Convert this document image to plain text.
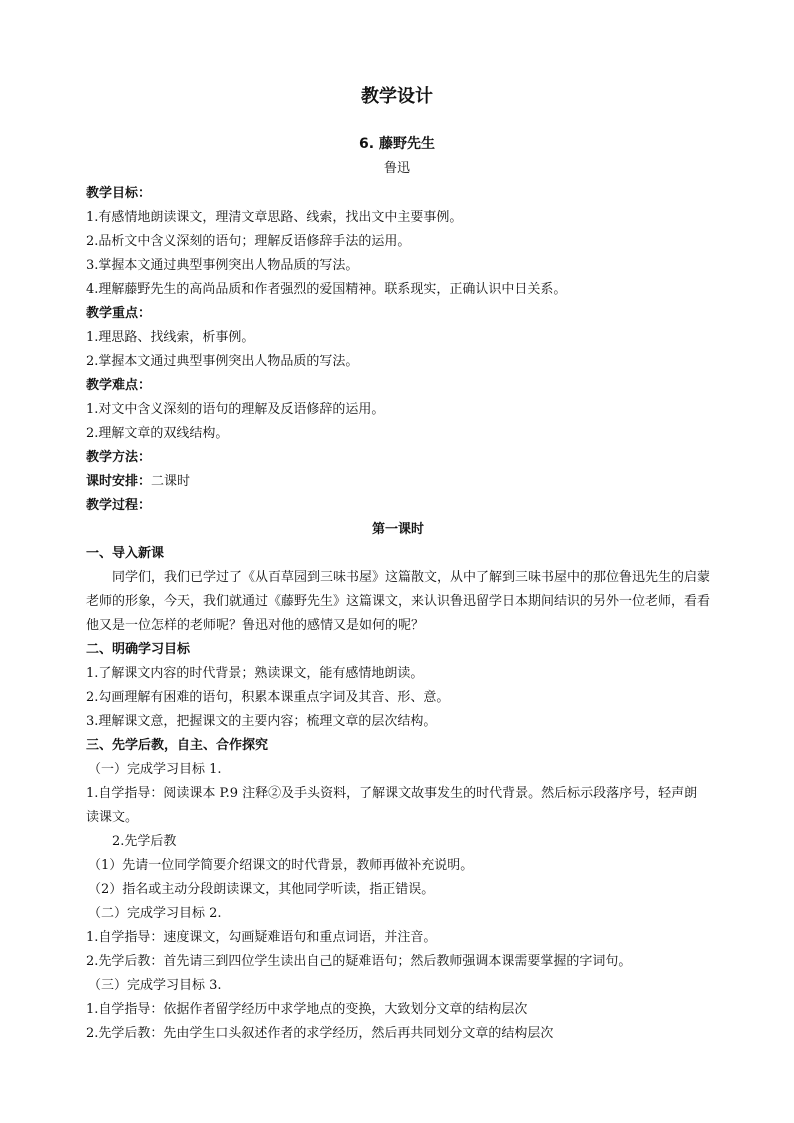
教学设计
6. 藤野先生
鲁迅

教学目标：

1.有感情地朗读课文，理清文章思路、线索，找出文中主要事例。

2.品析文中含义深刻的语句；理解反语修辞手法的运用。

3.掌握本文通过典型事例突出人物品质的写法。

4.理解藤野先生的高尚品质和作者强烈的爱国精神。联系现实，正确认识中日关系。

教学重点：

1.理思路、找线索，析事例。

2.掌握本文通过典型事例突出人物品质的写法。

教学难点：

1.对文中含义深刻的语句的理解及反语修辞的运用。

2.理解文章的双线结构。

教学方法：

课时安排：二课时

教学过程：

第一课时

一、导入新课

同学们，我们已学过了《从百草园到三味书屋》这篇散文，从中了解到三味书屋中的那位鲁迅先生的启蒙老师的形象，今天，我们就通过《藤野先生》这篇课文，来认识鲁迅留学日本期间结识的另外一位老师，看看他又是一位怎样的老师呢？鲁迅对他的感情又是如何的呢？

二、明确学习目标

1.了解课文内容的时代背景；熟读课文，能有感情地朗读。

2.勾画理解有困难的语句，积累本课重点字词及其音、形、意。

3.理解课文意，把握课文的主要内容；梳理文章的层次结构。

三、先学后教，自主、合作探究

（一）完成学习目标 1.

1.自学指导：阅读课本 P.9 注释②及手头资料，了解课文故事发生的时代背景。然后标示段落序号，轻声朗读课文。

2.先学后教

（1）先请一位同学简要介绍课文的时代背景，教师再做补充说明。

（2）指名或主动分段朗读课文，其他同学听读，指正错误。

（二）完成学习目标 2.

1.自学指导：速度课文，勾画疑难语句和重点词语，并注音。

2.先学后教：首先请三到四位学生读出自己的疑难语句；然后教师强调本课需要掌握的字词句。

（三）完成学习目标 3.

1.自学指导：依据作者留学经历中求学地点的变换，大致划分文章的结构层次

2.先学后教：先由学生口头叙述作者的求学经历，然后再共同划分文章的结构层次
